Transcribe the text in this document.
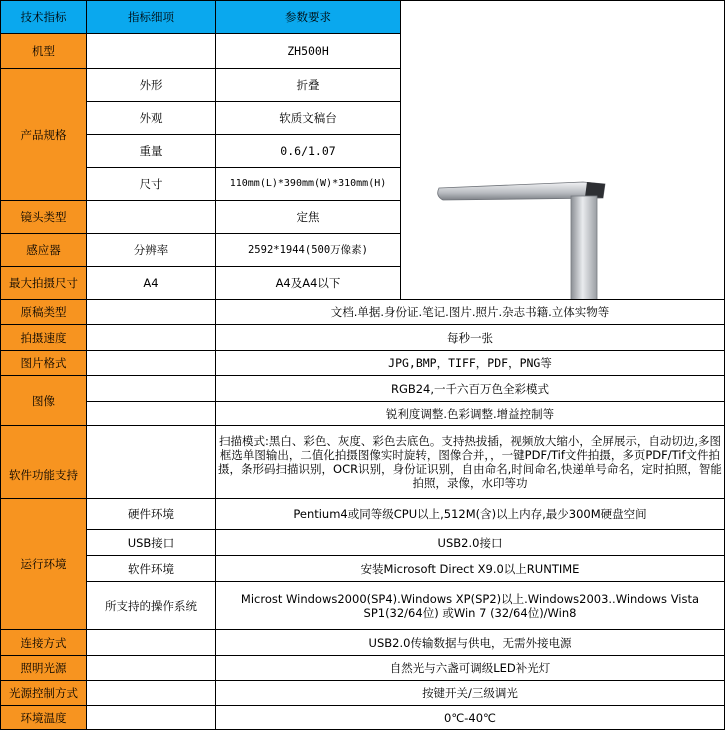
技术指标	指标细项	参数要求	

机型		ZH500H	
产品规格	外形	折叠	
	外观	软质文稿台	
	重量	0.6/1.07	
	尺寸	110mm(L)*390mm(W)*310mm(H)	
镜头类型		定焦	
感应器	分辨率	2592*1944(500万像素)	
最大拍摄尺寸	A4	A4及A4以下	
原稿类型		文档.单据.身份证.笔记.图片.照片.杂志书籍.立体实物等	
拍摄速度		每秒一张	
图片格式		JPG,BMP，TIFF，PDF，PNG等	
图像		RGB24,一千六百万色全彩模式	
		锐利度调整.色彩调整.增益控制等	
软件功能支持		扫描模式:黑白、彩色、灰度、彩色去底色。支持热拔插，视频放大缩小，全屏展示，自动切边,多图框选单图输出，二值化拍摄图像实时旋转，图像合并，，一键PDF/Tif文件拍摄，多页PDF/Tif文件拍摄，条形码扫描识别，OCR识别，身份证识别，自由命名,时间命名,快递单号命名，定时拍照，智能拍照，录像，水印等功	
运行环境	硬件环境	Pentium4或同等级CPU以上,512M(含)以上内存,最少300M硬盘空间	
	USB接口	USB2.0接口	
	软件环境	安装Microsoft Direct X9.0以上RUNTIME	
	所支持的操作系统	Microst Windows2000(SP4).Windows XP(SP2)以上.Windows2003..Windows Vista SP1(32/64位) 或Win 7 (32/64位)/Win8	
连接方式		USB2.0传输数据与供电，无需外接电源	
照明光源		自然光与六盏可调级LED补光灯	
光源控制方式		按键开关/三级调光	
环境温度		0℃-40℃	
